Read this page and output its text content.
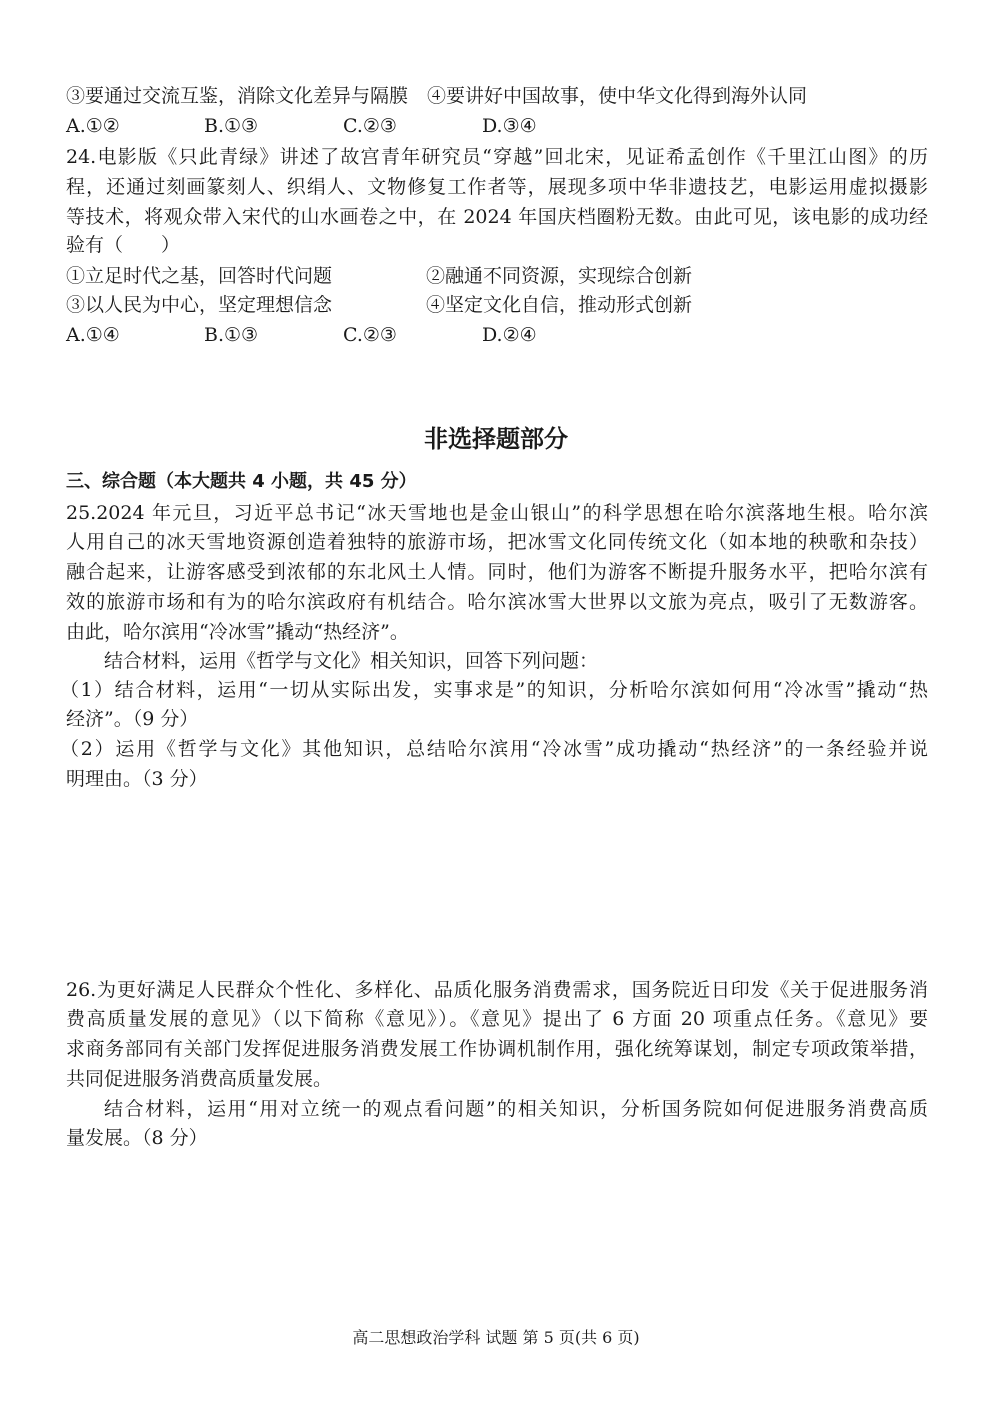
③要通过交流互鉴，消除文化差异与隔膜　④要讲好中国故事，使中华文化得到海外认同
A.①②	B.①③	C.②③	D.③④
24.电影版《只此青绿》讲述了故宫青年研究员“穿越”回北宋，见证希孟创作《千里江山图》的历
程，还通过刻画篆刻人、织绢人、文物修复工作者等，展现多项中华非遗技艺，电影运用虚拟摄影
等技术，将观众带入宋代的山水画卷之中，在 2024 年国庆档圈粉无数。由此可见，该电影的成功经
验有（　　）
①立足时代之基，回答时代问题	②融通不同资源，实现综合创新
③以人民为中心，坚定理想信念	④坚定文化自信，推动形式创新
A.①④	B.①③	C.②③	D.②④
非选择题部分
三、综合题（本大题共 4 小题，共 45 分）
25.2024 年元旦，习近平总书记“冰天雪地也是金山银山”的科学思想在哈尔滨落地生根。哈尔滨
人用自己的冰天雪地资源创造着独特的旅游市场，把冰雪文化同传统文化（如本地的秧歌和杂技）
融合起来，让游客感受到浓郁的东北风土人情。同时，他们为游客不断提升服务水平，把哈尔滨有
效的旅游市场和有为的哈尔滨政府有机结合。哈尔滨冰雪大世界以文旅为亮点，吸引了无数游客。
由此，哈尔滨用“冷冰雪”撬动“热经济”。
结合材料，运用《哲学与文化》相关知识，回答下列问题：
（1）结合材料，运用“一切从实际出发，实事求是”的知识，分析哈尔滨如何用“冷冰雪”撬动“热
经济”。（9 分）
（2）运用《哲学与文化》其他知识，总结哈尔滨用“冷冰雪”成功撬动“热经济”的一条经验并说
明理由。（3 分）
26.为更好满足人民群众个性化、多样化、品质化服务消费需求，国务院近日印发《关于促进服务消
费高质量发展的意见》（以下简称《意见》）。《意见》提出了 6 方面 20 项重点任务。《意见》要
求商务部同有关部门发挥促进服务消费发展工作协调机制作用，强化统筹谋划，制定专项政策举措，
共同促进服务消费高质量发展。
结合材料，运用“用对立统一的观点看问题”的相关知识，分析国务院如何促进服务消费高质
量发展。（8 分）
高二思想政治学科 试题 第 5 页(共 6 页)
